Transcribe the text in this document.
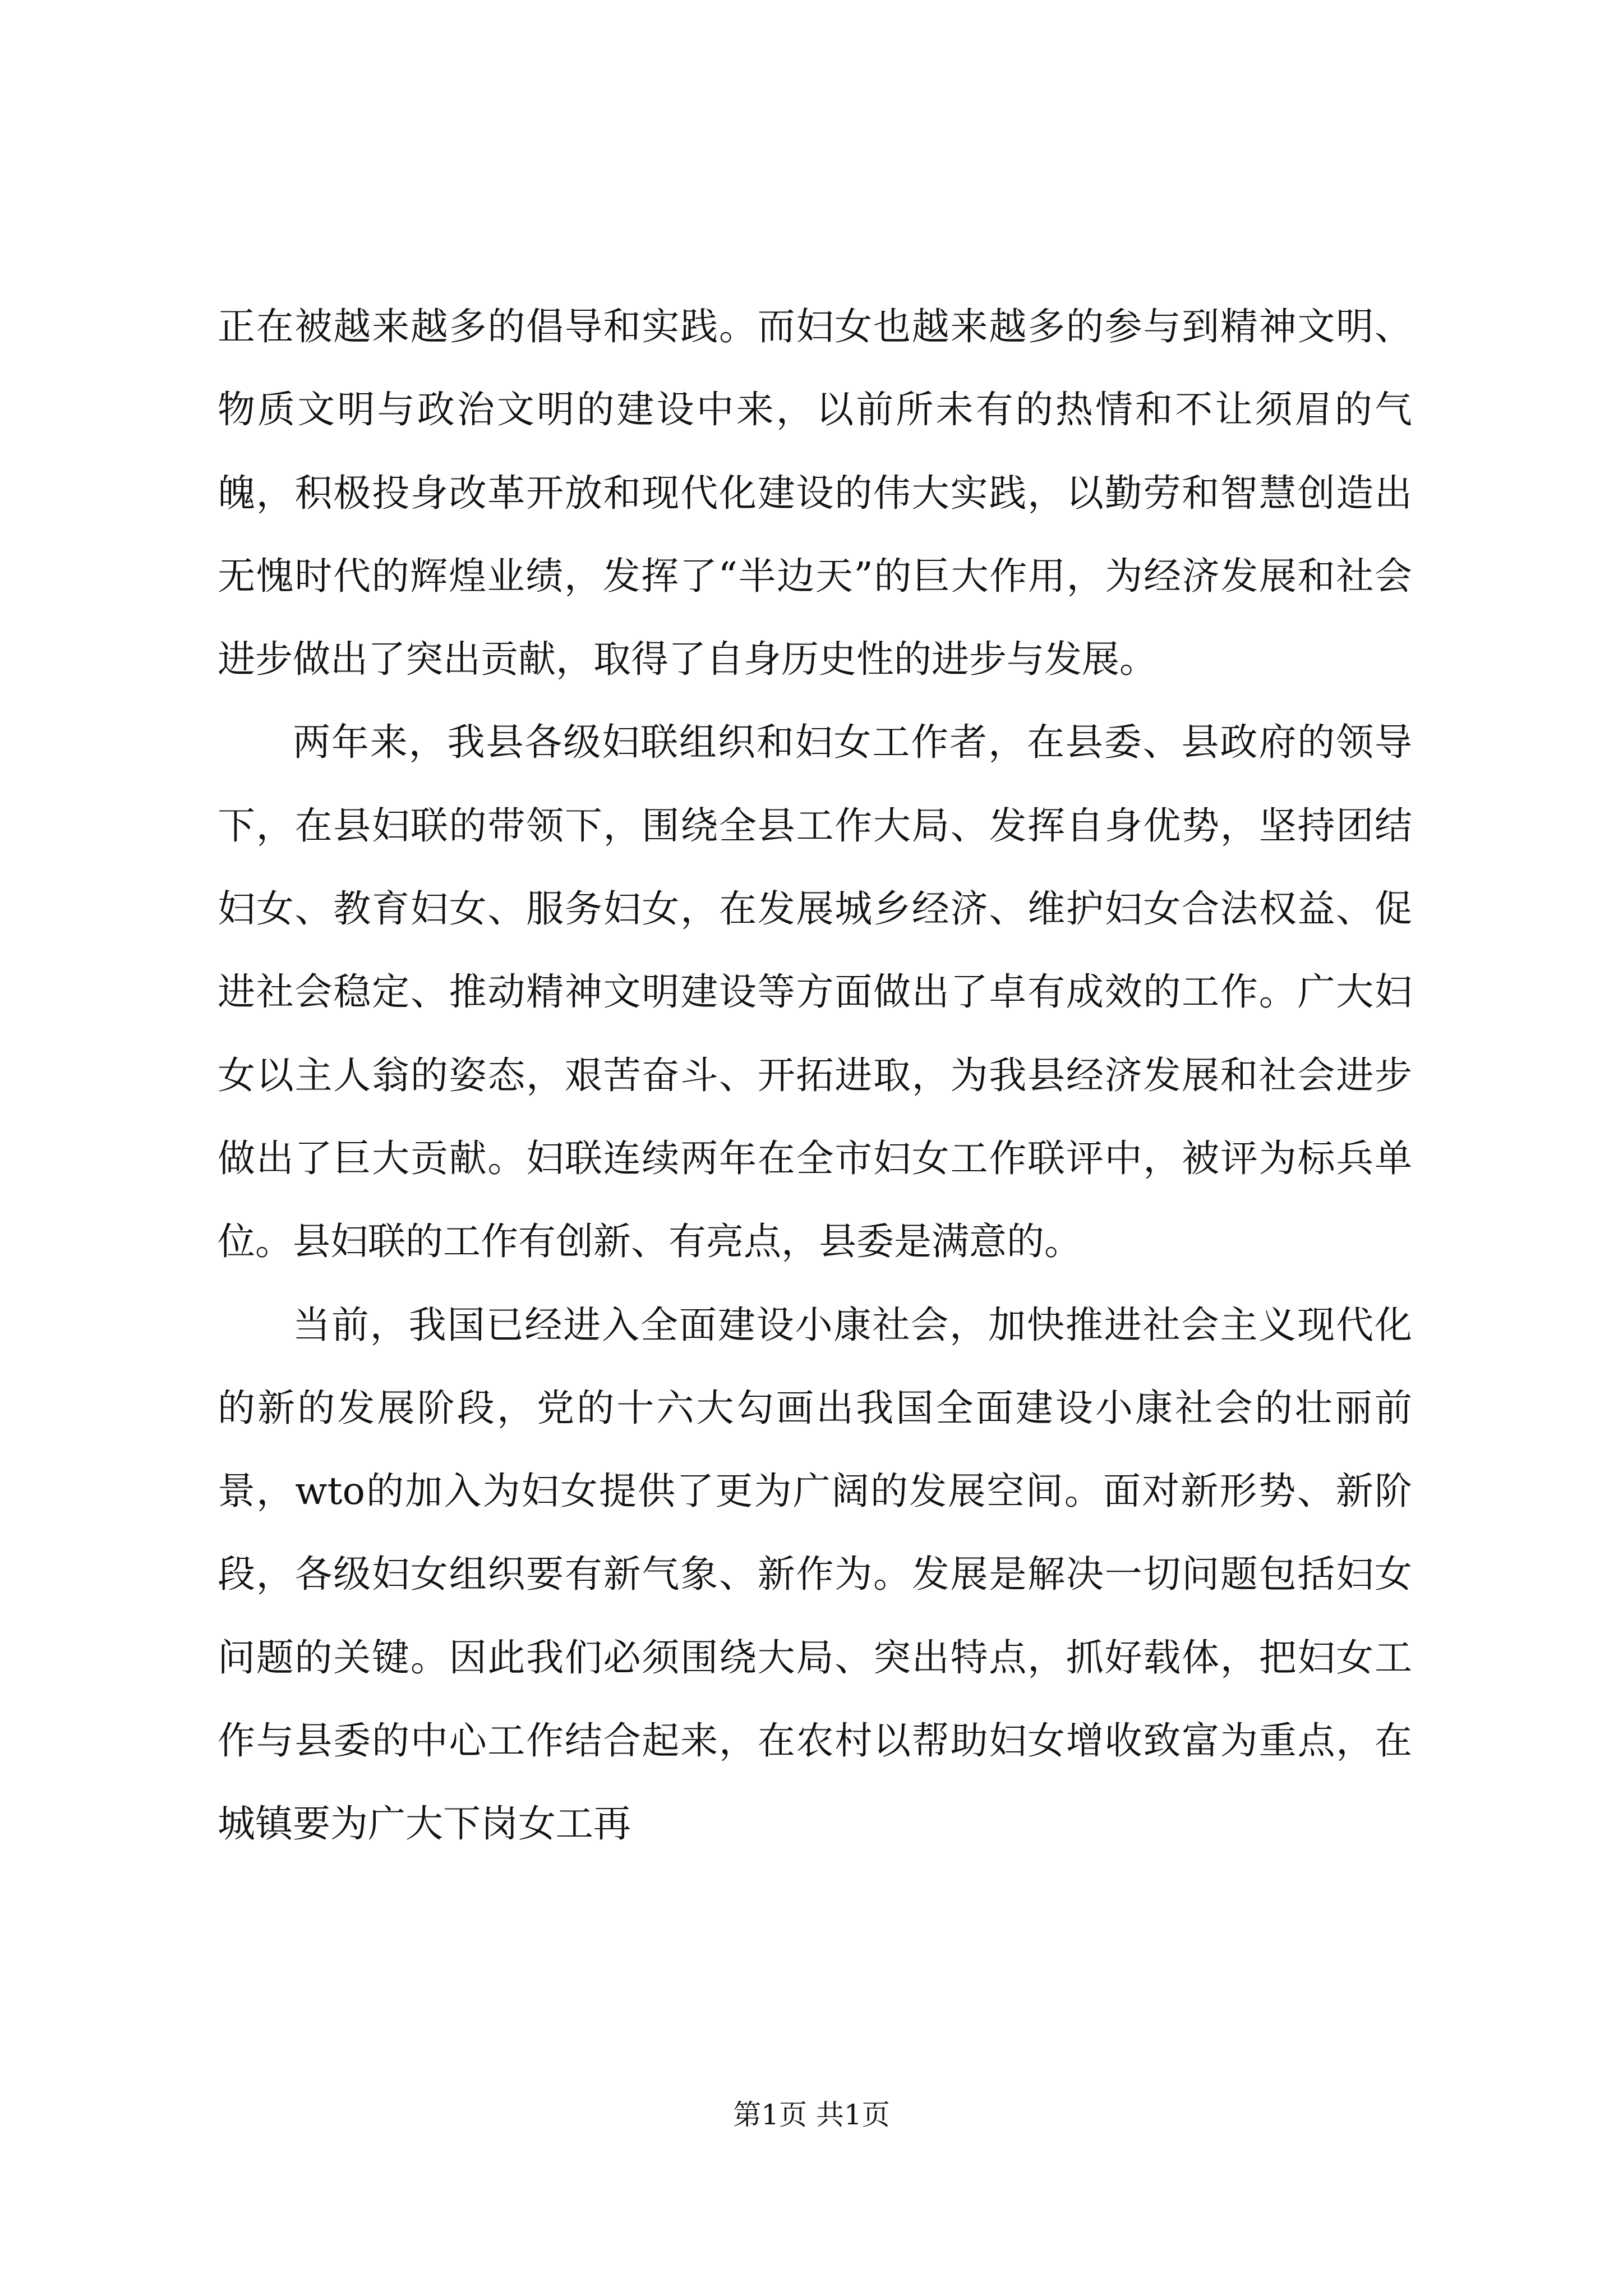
正在被越来越多的倡导和实践。而妇女也越来越多的参与到精神文明、物质文明与政治文明的建设中来，以前所未有的热情和不让须眉的气魄，积极投身改革开放和现代化建设的伟大实践，以勤劳和智慧创造出无愧时代的辉煌业绩，发挥了“半边天”的巨大作用，为经济发展和社会进步做出了突出贡献，取得了自身历史性的进步与发展。

两年来，我县各级妇联组织和妇女工作者，在县委、县政府的领导下，在县妇联的带领下，围绕全县工作大局、发挥自身优势，坚持团结妇女、教育妇女、服务妇女，在发展城乡经济、维护妇女合法权益、促进社会稳定、推动精神文明建设等方面做出了卓有成效的工作。广大妇女以主人翁的姿态，艰苦奋斗、开拓进取，为我县经济发展和社会进步做出了巨大贡献。妇联连续两年在全市妇女工作联评中，被评为标兵单位。县妇联的工作有创新、有亮点，县委是满意的。

当前，我国已经进入全面建设小康社会，加快推进社会主义现代化的新的发展阶段，党的十六大勾画出我国全面建设小康社会的壮丽前景，wto的加入为妇女提供了更为广阔的发展空间。面对新形势、新阶段，各级妇女组织要有新气象、新作为。发展是解决一切问题包括妇女问题的关键。因此我们必须围绕大局、突出特点，抓好载体，把妇女工作与县委的中心工作结合起来，在农村以帮助妇女增收致富为重点，在城镇要为广大下岗女工再

第1页 共1页
